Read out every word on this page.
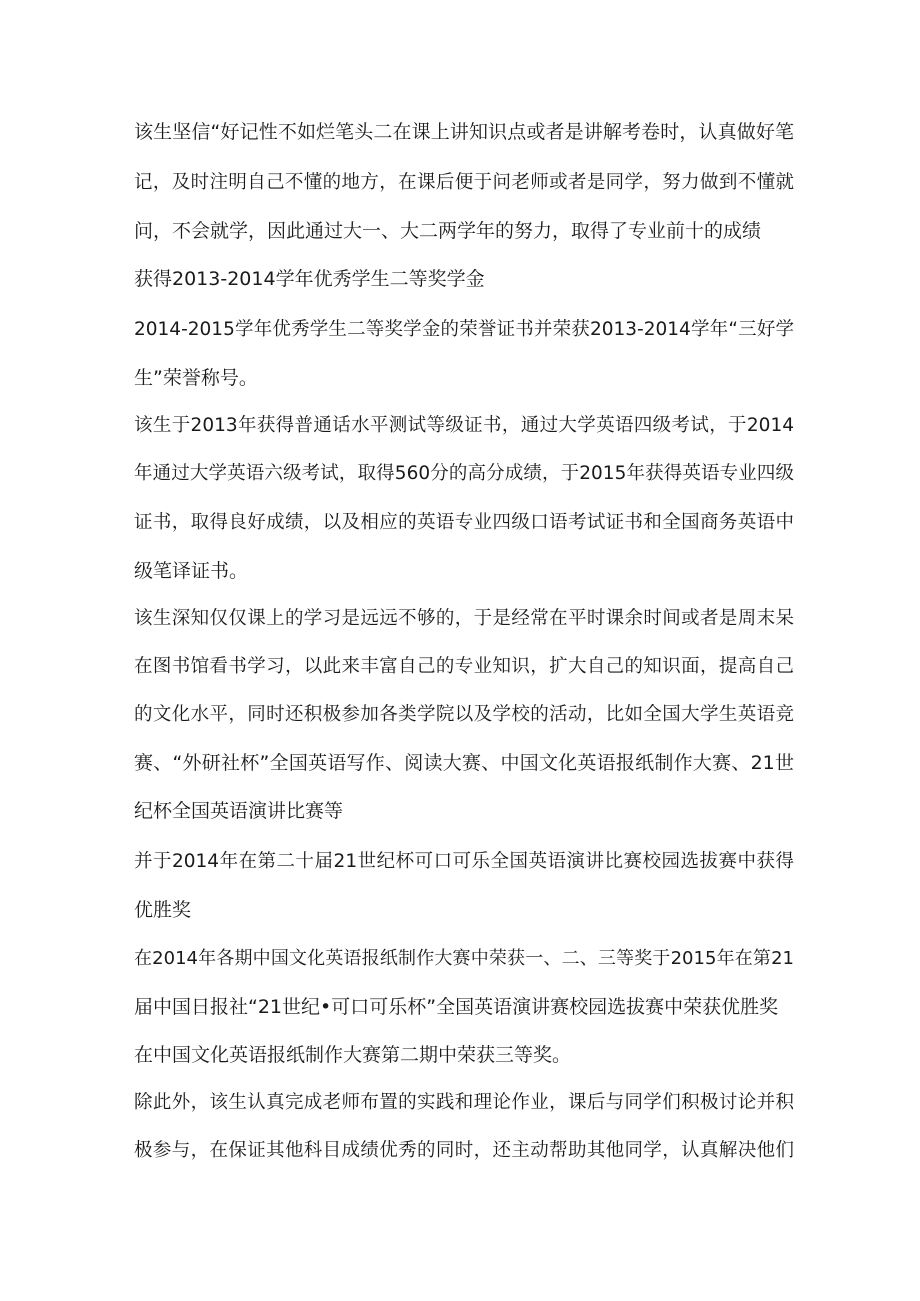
该生坚信“好记性不如烂笔头二在课上讲知识点或者是讲解考卷时，认真做好笔
记，及时注明自己不懂的地方，在课后便于问老师或者是同学，努力做到不懂就
问，不会就学，因此通过大一、大二两学年的努力，取得了专业前十的成绩
获得2013-2014学年优秀学生二等奖学金
2014-2015学年优秀学生二等奖学金的荣誉证书并荣获2013-2014学年“三好学
生”荣誉称号。
该生于2013年获得普通话水平测试等级证书，通过大学英语四级考试，于2014
年通过大学英语六级考试，取得560分的高分成绩，于2015年获得英语专业四级
证书，取得良好成绩，以及相应的英语专业四级口语考试证书和全国商务英语中
级笔译证书。
该生深知仅仅课上的学习是远远不够的，于是经常在平时课余时间或者是周末呆
在图书馆看书学习，以此来丰富自己的专业知识，扩大自己的知识面，提高自己
的文化水平，同时还积极参加各类学院以及学校的活动，比如全国大学生英语竞
赛、“外研社杯”全国英语写作、阅读大赛、中国文化英语报纸制作大赛、21世
纪杯全国英语演讲比赛等
并于2014年在第二十届21世纪杯可口可乐全国英语演讲比赛校园选拔赛中获得
优胜奖
在2014年各期中国文化英语报纸制作大赛中荣获一、二、三等奖于2015年在第21
届中国日报社“21世纪•可口可乐杯”全国英语演讲赛校园选拔赛中荣获优胜奖
在中国文化英语报纸制作大赛第二期中荣获三等奖。
除此外，该生认真完成老师布置的实践和理论作业，课后与同学们积极讨论并积
极参与，在保证其他科目成绩优秀的同时，还主动帮助其他同学，认真解决他们
